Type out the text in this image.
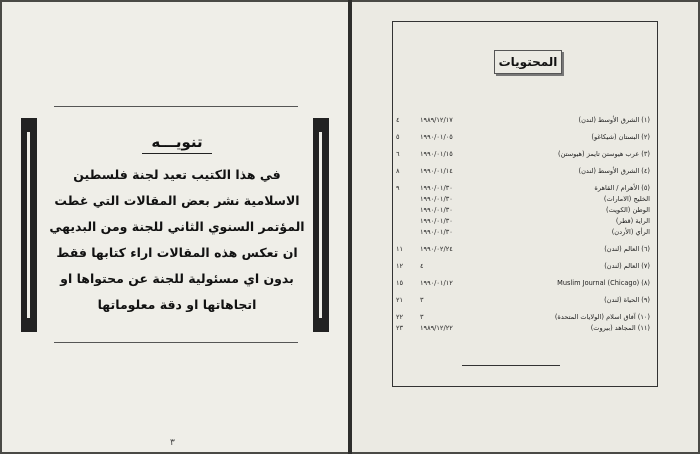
تنويـــه
في هذا الكتيب تعيد لجنة فلسطين
الاسلامية نشر بعض المقالات التي غطت
المؤتمر السنوي الثاني للجنة ومن البديهي
ان تعكس هذه المقالات اراء كتابها فقط
بدون اي مسئولية للجنة عن محتواها او
اتجاهاتها او دقة معلوماتها
٣
المحتويات
٤	١٩٨٩/١٢/١٧	(١) الشرق الأوسط (لندن)
٥	١٩٩٠/٠١/٠٥	(٢) البستان (شيكاغو)
٦	١٩٩٠/٠١/١٥	(٣) عرب هيوستن تايمز (هيوستن)
٨	١٩٩٠/٠١/١٤	(٤) الشرق الأوسط (لندن)
٩	١٩٩٠/٠١/٣٠	(٥) الأهرام / القاهرة
١٩٩٠/٠١/٣٠	الخليج (الامارات)
١٩٩٠/٠١/٣٠	الوطن (الكويت)
١٩٩٠/٠١/٣٠	الراية (قطر)
١٩٩٠/٠١/٣٠	الرأي (الأردن)
١١	١٩٩٠/٠٢/٢٤	(٦) العالم (لندن)
١٢	٤	(٧) العالم (لندن)
١٥	١٩٩٠/٠١/١٢	(٨) Muslim Journal (Chicago)
٢١	٣	(٩) الحياة (لندن)
٢٢	٣	(١٠) آفاق اسلام (الولايات المتحدة)
٢٣	١٩٨٩/١٢/٢٢	(١١) المجاهد (بيروت)
